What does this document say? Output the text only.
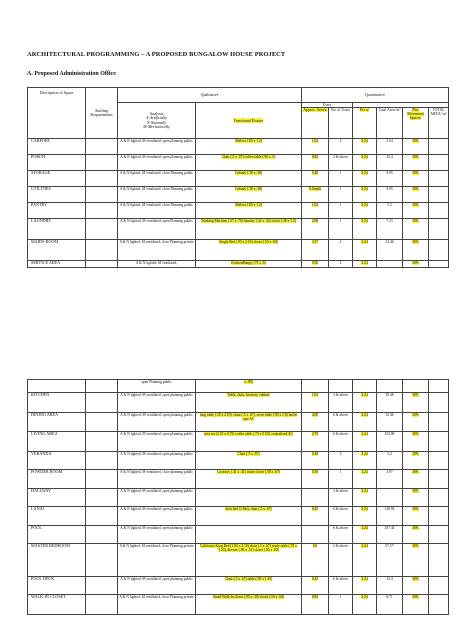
ARCHITECTURAL PROGRAMMING – A PROPOSED BUNGALOW HOUSE PROJECT
A. Proposed Administration Office
Description of Space	Staffing Requirements	Qualitative		Quantitative					
		Analysis
A-Artificially
N-Naturally
M-Mechanically	Functional Fixture	Users					
				Approx. Area/u	No. of Users	Per u²	Total Area/ m²	Plus Movement Spaces/	TOTAL AREA/ m²
CARPORT		A & N lighted, M ventilated, open planning public	Shelves (.85 x 1.2)	1.02	2	2.24	5.64	30%	
PORCH		A & N lighted, M ventilated, open planning public	Chair (.5 x .67) coffee table (.90 x .5)	0.82	4 & above	2.24	23.4	30%	
STORAGE		A & N lighted, M ventilated, close Planning public	Cabinet (.38 x .38)	0.48	1	2.24	9.85	30%	
UTILITIES		A & N lighted, M ventilated, close Planning public	Cabinet (.38 x .38)	A.Samiti	1	2.24	9.85	30%	
PANTRY		A & N lighted, M ventilated, close Planning public	Shelves (.85 x 1.2)	1.02	1	2.24	5.2	30%	
LAUNDRY		A & N lighted, M ventilated, open Planning public	Washing Machine (.67 x .70) laundry (.42 x .42) closet (.38 x 1.2)	2.08	1	2.24	7.23	30%	
MAIDS ROOM		A & N lighted, M ventilated, close Planning private	Single Bed (.90 x 2.10) closet (.50 x .60)	3.57	2	2.24	14.46	30%	
SERVICE AREA		A & N lighted, M ventilated,	KitchenRange (.75 x .6)	0.56	2	2.24		30%	
		open Planning public	x .80)						
KITCHEN		A & N lighted, M ventilated, open planning public	Table, chair, lavatory, cabinet	1.03	3 & above	2.24	39.48	30%	
DINING AREA		A & N lighted, M ventilated, open planning public	long table (.18 x 2.10), chair (.5 x .67), serve table (.90 x 1.8) buffet type AC	4.08	6 & above	2.24	52.46	30%	
LIVING AREA		A & N lighted, M ventilated, open planning public	sofa set (2.10 x 0.75) coffee table (.70 x 0.50), centralized AC	2.79	6 & above	2.24	154.88	30%	
VERANDA		A & N lighted, M ventilated, open planning public	Chair (.5 x .67)	0.28	3	2.24	5.2	30%	
POWDER ROOM		A & N lighted, M ventilated, close planning public	Lavatory (.41 x .41) water closet (.38 x .67)	0.59	1	2.24	3.97	30%	
HALLWAY		A & N lighted, M ventilated, open planning public			3 & above	2.24		30%	
LANAI		A & N lighted, M ventilated, open planning public	Sofa bed (1.8m), chair (.5 x .67)	0.45	6 & above	2.24	128.94	30%	
POOL		A & N lighted, M ventilated, open planning public			6 & above	2.24	297.44	30%	
MASTER BEDROOM		A & N lighted, M ventilated, close Planning private	California King Bed (1.80 x 2.10) chair (.5 x .67) study table (.70 x 1.20), dresser (.90 x .51) closet (.50 x .60)	8.6	2 & above	2.24	67.57	30%	
POOL DECK		A & N lighted, M ventilated, open planning public	Chair (.5 x .67) table (.90 x 1.20)	0.45	6 & above	2.24	23.4	30%	
WALK-IN CLOSET		A & N lighted, M ventilated, close Planning private	Stand Walk-In closet (.90 x .40) closet (.50 x .60)	0.83	1	2.24	8.71	30%	
